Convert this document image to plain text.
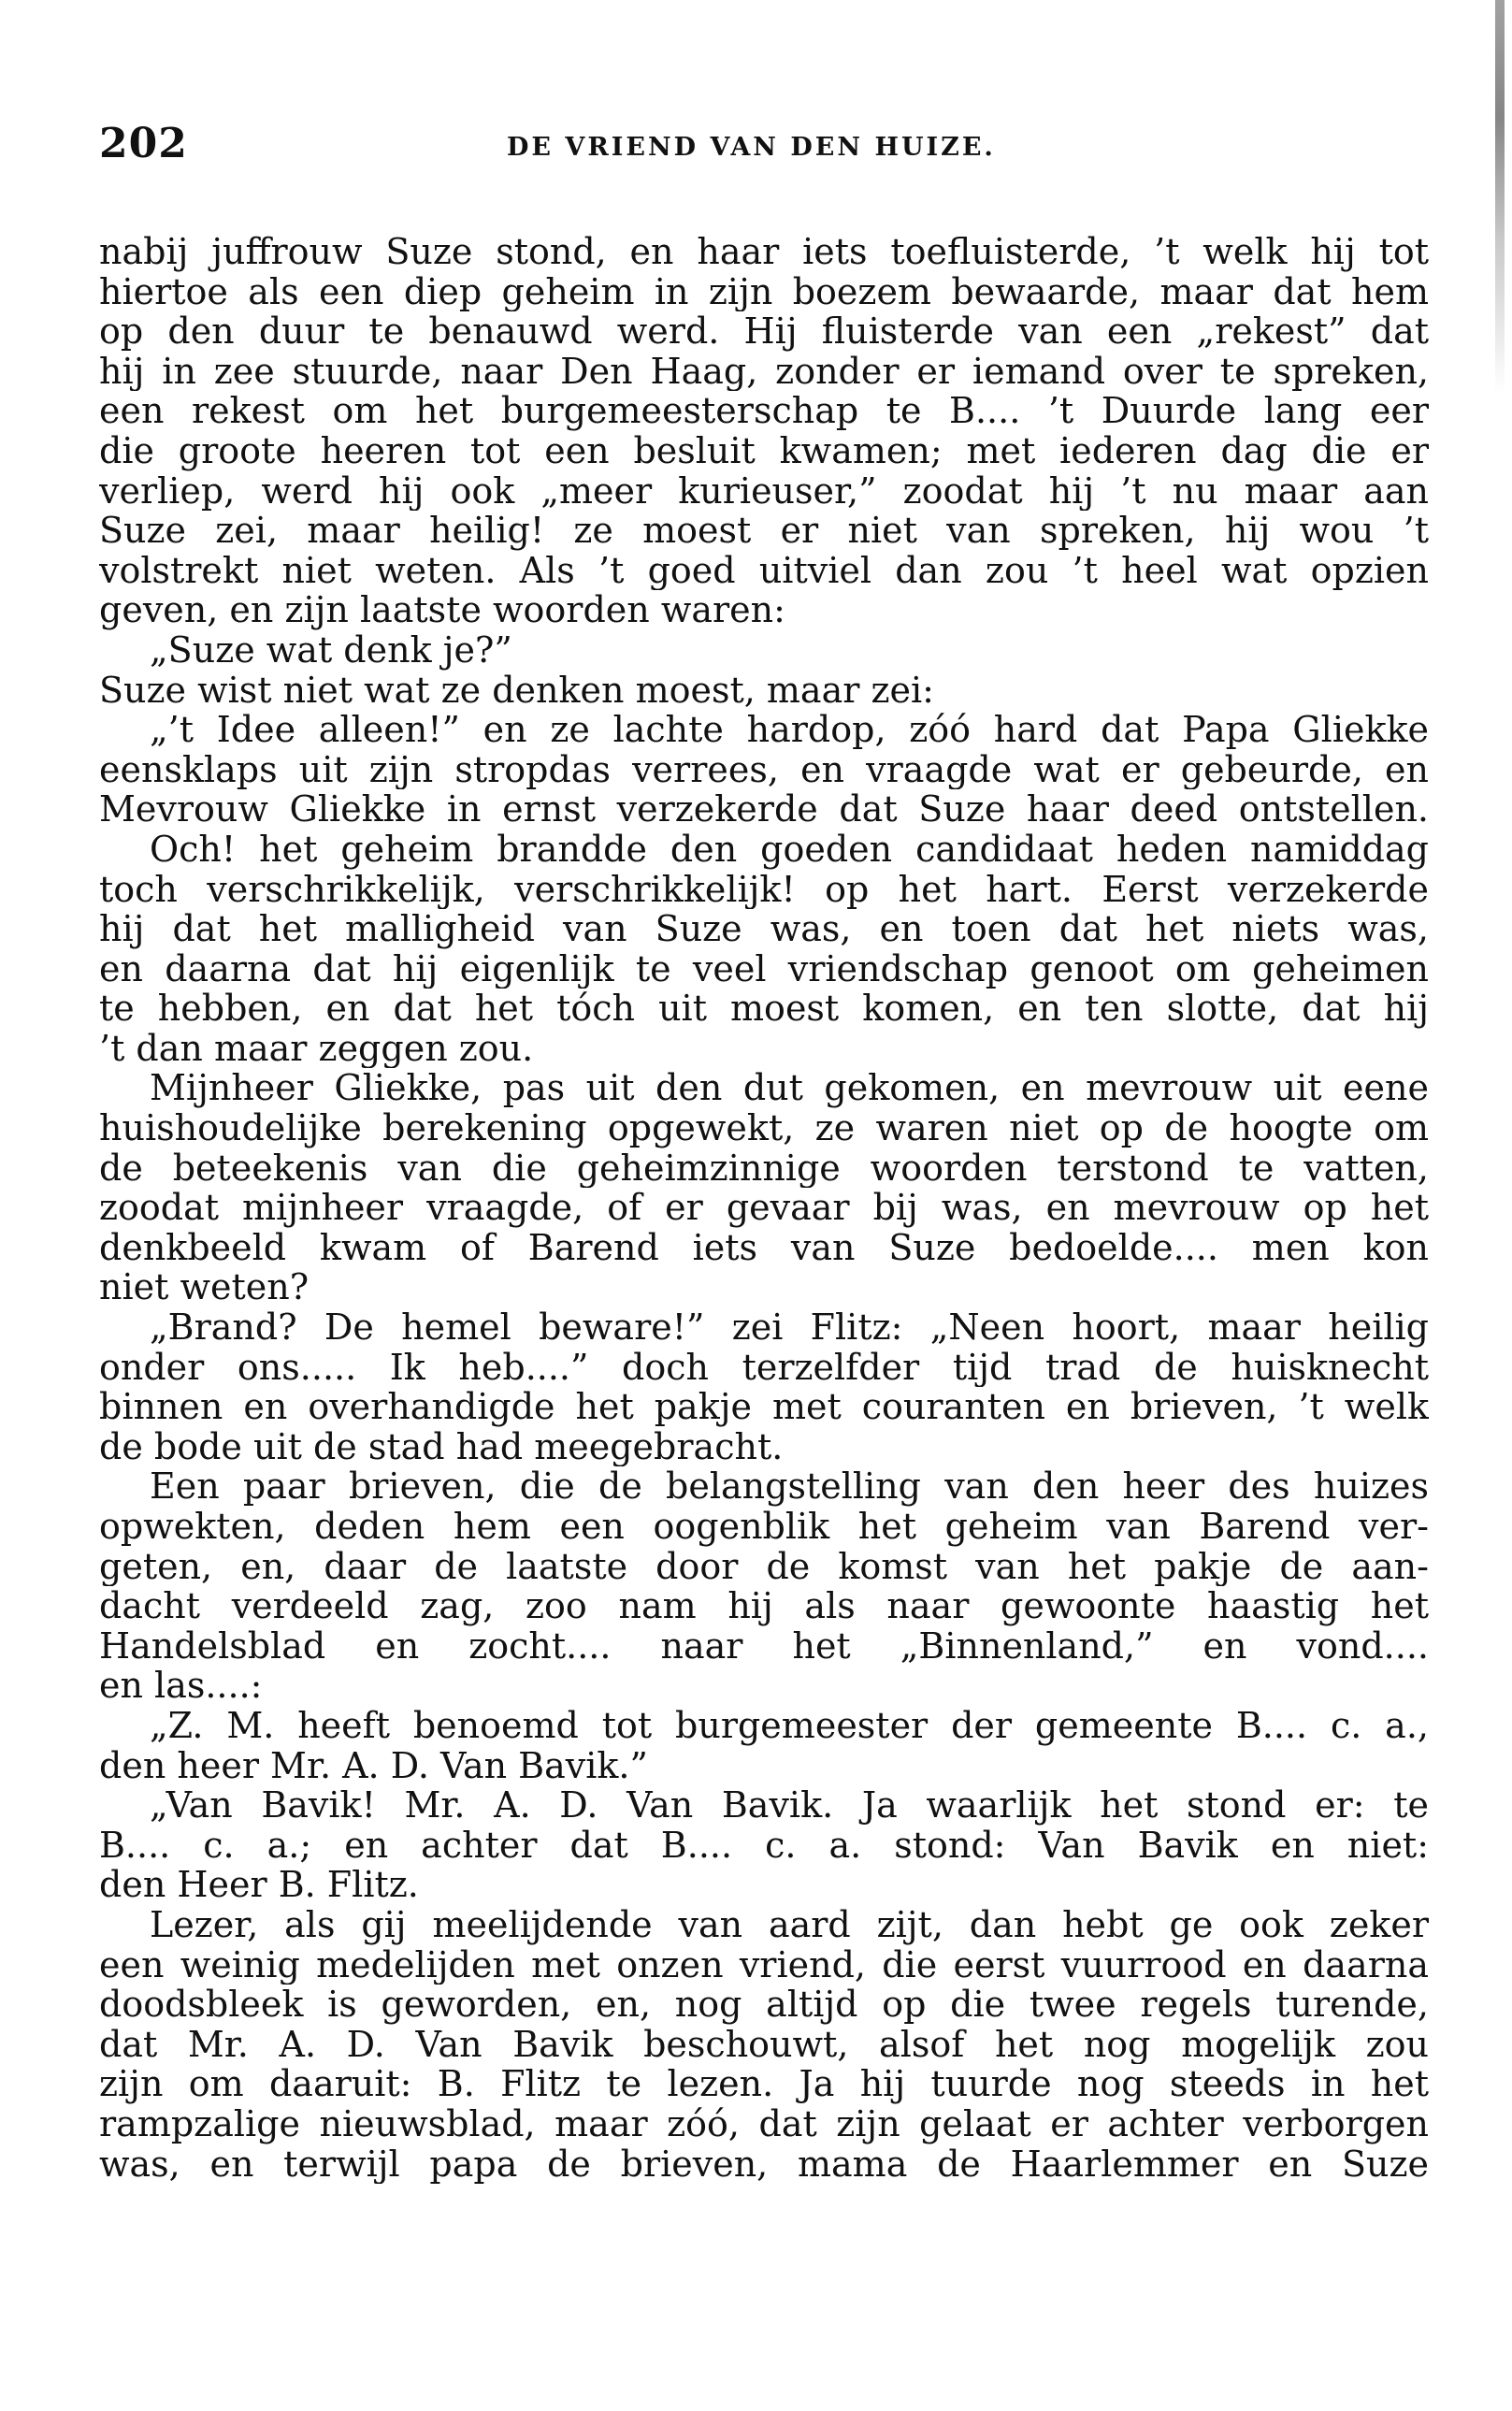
202	DE VRIEND VAN DEN HUIZE.
nabij juffrouw Suze stond, en haar iets toefluisterde, ’t welk hij tot
hiertoe als een diep geheim in zijn boezem bewaarde, maar dat hem
op den duur te benauwd werd. Hij fluisterde van een „rekest” dat
hij in zee stuurde, naar Den Haag, zonder er iemand over te spreken,
een rekest om het burgemeesterschap te B.... ’t Duurde lang eer
die groote heeren tot een besluit kwamen; met iederen dag die er
verliep, werd hij ook „meer kurieuser,” zoodat hij ’t nu maar aan
Suze zei, maar heilig! ze moest er niet van spreken, hij wou ’t
volstrekt niet weten. Als ’t goed uitviel dan zou ’t heel wat opzien
geven, en zijn laatste woorden waren:
„Suze wat denk je?”
Suze wist niet wat ze denken moest, maar zei:
„’t Idee alleen!” en ze lachte hardop, zóó hard dat Papa Gliekke
eensklaps uit zijn stropdas verrees, en vraagde wat er gebeurde, en
Mevrouw Gliekke in ernst verzekerde dat Suze haar deed ontstellen.
Och! het geheim brandde den goeden candidaat heden namiddag
toch verschrikkelijk, verschrikkelijk! op het hart. Eerst verzekerde
hij dat het malligheid van Suze was, en toen dat het niets was,
en daarna dat hij eigenlijk te veel vriendschap genoot om geheimen
te hebben, en dat het tóch uit moest komen, en ten slotte, dat hij
’t dan maar zeggen zou.
Mijnheer Gliekke, pas uit den dut gekomen, en mevrouw uit eene
huishoudelijke berekening opgewekt, ze waren niet op de hoogte om
de beteekenis van die geheimzinnige woorden terstond te vatten,
zoodat mijnheer vraagde, of er gevaar bij was, en mevrouw op het
denkbeeld kwam of Barend iets van Suze bedoelde.... men kon
niet weten?
„Brand? De hemel beware!” zei Flitz: „Neen hoort, maar heilig
onder ons..... Ik heb....” doch terzelfder tijd trad de huisknecht
binnen en overhandigde het pakje met couranten en brieven, ’t welk
de bode uit de stad had meegebracht.
Een paar brieven, die de belangstelling van den heer des huizes
opwekten, deden hem een oogenblik het geheim van Barend ver-
geten, en, daar de laatste door de komst van het pakje de aan-
dacht verdeeld zag, zoo nam hij als naar gewoonte haastig het
Handelsblad en zocht.... naar het „Binnenland,” en vond....
en las....:
„Z. M. heeft benoemd tot burgemeester der gemeente B.... c. a.,
den heer Mr. A. D. Van Bavik.”
„Van Bavik! Mr. A. D. Van Bavik. Ja waarlijk het stond er: te
B.... c. a.; en achter dat B.... c. a. stond: Van Bavik en niet:
den Heer B. Flitz.
Lezer, als gij meelijdende van aard zijt, dan hebt ge ook zeker
een weinig medelijden met onzen vriend, die eerst vuurrood en daarna
doodsbleek is geworden, en, nog altijd op die twee regels turende,
dat Mr. A. D. Van Bavik beschouwt, alsof het nog mogelijk zou
zijn om daaruit: B. Flitz te lezen. Ja hij tuurde nog steeds in het
rampzalige nieuwsblad, maar zóó, dat zijn gelaat er achter verborgen
was, en terwijl papa de brieven, mama de Haarlemmer en Suze
